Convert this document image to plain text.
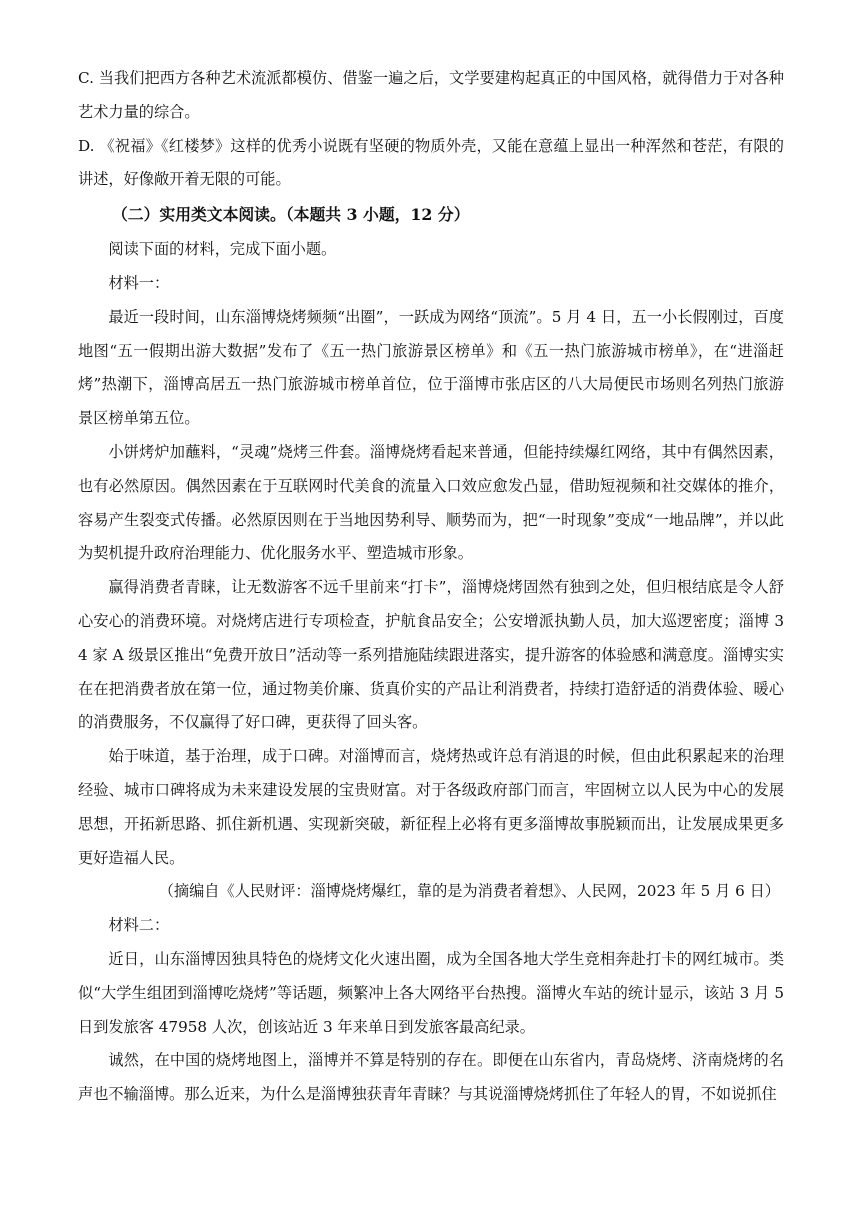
C. 当我们把西方各种艺术流派都模仿、借鉴一遍之后，文学要建构起真正的中国风格，就得借力于对各种艺术力量的综合。

D. 《祝福》《红楼梦》这样的优秀小说既有坚硬的物质外壳，又能在意蕴上显出一种浑然和苍茫，有限的讲述，好像敞开着无限的可能。

（二）实用类文本阅读。（本题共 3 小题，12 分）

阅读下面的材料，完成下面小题。

材料一：

最近一段时间，山东淄博烧烤频频“出圈”，一跃成为网络“顶流”。5 月 4 日，五一小长假刚过，百度地图“五一假期出游大数据”发布了《五一热门旅游景区榜单》和《五一热门旅游城市榜单》，在“进淄赶烤”热潮下，淄博高居五一热门旅游城市榜单首位，位于淄博市张店区的八大局便民市场则名列热门旅游景区榜单第五位。

小饼烤炉加蘸料，“灵魂”烧烤三件套。淄博烧烤看起来普通，但能持续爆红网络，其中有偶然因素，也有必然原因。偶然因素在于互联网时代美食的流量入口效应愈发凸显，借助短视频和社交媒体的推介，容易产生裂变式传播。必然原因则在于当地因势利导、顺势而为，把“一时现象”变成“一地品牌”，并以此为契机提升政府治理能力、优化服务水平、塑造城市形象。

赢得消费者青睐，让无数游客不远千里前来“打卡”，淄博烧烤固然有独到之处，但归根结底是令人舒心安心的消费环境。对烧烤店进行专项检查，护航食品安全；公安增派执勤人员，加大巡逻密度；淄博 34 家 A 级景区推出“免费开放日”活动等一系列措施陆续跟进落实，提升游客的体验感和满意度。淄博实实在在把消费者放在第一位，通过物美价廉、货真价实的产品让利消费者，持续打造舒适的消费体验、暖心的消费服务，不仅赢得了好口碑，更获得了回头客。

始于味道，基于治理，成于口碑。对淄博而言，烧烤热或许总有消退的时候，但由此积累起来的治理经验、城市口碑将成为未来建设发展的宝贵财富。对于各级政府部门而言，牢固树立以人民为中心的发展思想，开拓新思路、抓住新机遇、实现新突破，新征程上必将有更多淄博故事脱颖而出，让发展成果更多更好造福人民。

（摘编自《人民财评：淄博烧烤爆红，靠的是为消费者着想》、人民网，2023 年 5 月 6 日）

材料二：

近日，山东淄博因独具特色的烧烤文化火速出圈，成为全国各地大学生竞相奔赴打卡的网红城市。类似“大学生组团到淄博吃烧烤”等话题，频繁冲上各大网络平台热搜。淄博火车站的统计显示，该站 3 月 5 日到发旅客 47958 人次，创该站近 3 年来单日到发旅客最高纪录。

诚然，在中国的烧烤地图上，淄博并不算是特别的存在。即便在山东省内，青岛烧烤、济南烧烤的名声也不输淄博。那么近来，为什么是淄博独获青年青睐？与其说淄博烧烤抓住了年轻人的胃，不如说抓住
